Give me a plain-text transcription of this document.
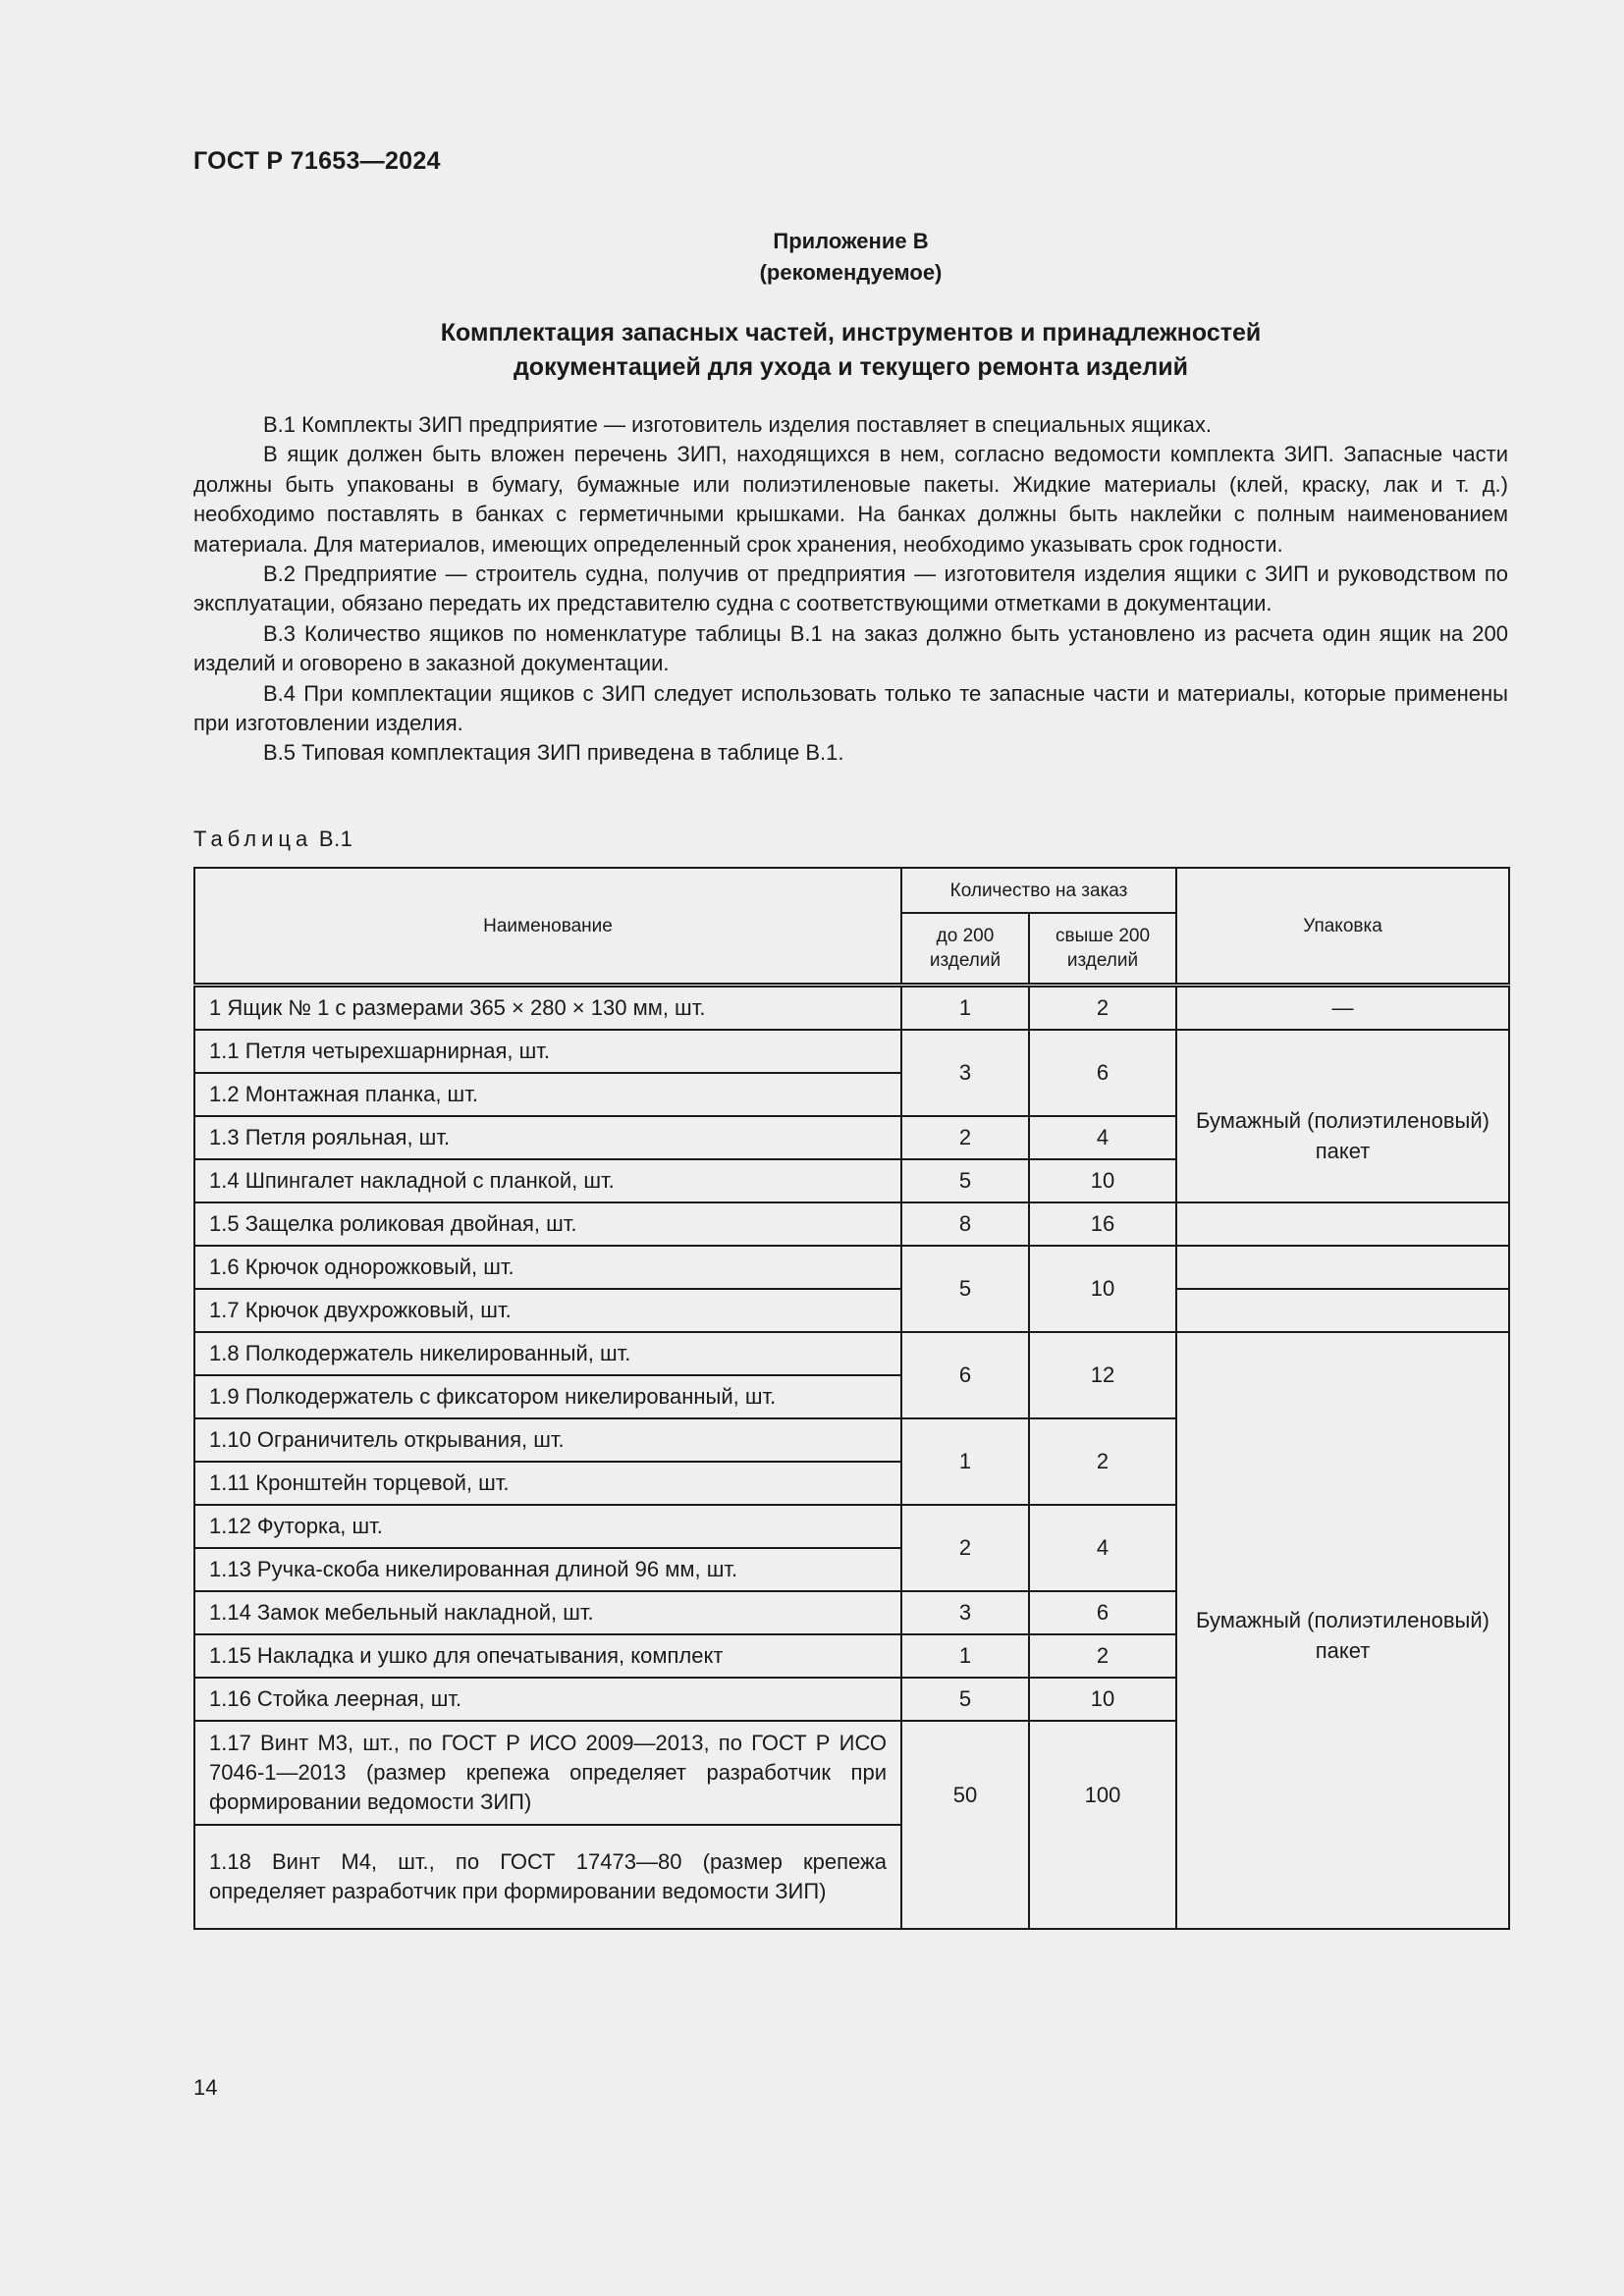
ГОСТ Р 71653—2024
Приложение В
(рекомендуемое)
Комплектация запасных частей, инструментов и принадлежностей
документацией для ухода и текущего ремонта изделий

В.1 Комплекты ЗИП предприятие — изготовитель изделия поставляет в специальных ящиках.

В ящик должен быть вложен перечень ЗИП, находящихся в нем, согласно ведомости комплекта ЗИП. Запасные части должны быть упакованы в бумагу, бумажные или полиэтиленовые пакеты. Жидкие материалы (клей, краску, лак и т. д.) необходимо поставлять в банках с герметичными крышками. На банках должны быть наклейки с полным наименованием материала. Для материалов, имеющих определенный срок хранения, необходимо указывать срок годности.

В.2 Предприятие — строитель судна, получив от предприятия — изготовителя изделия ящики с ЗИП и руководством по эксплуатации, обязано передать их представителю судна с соответствующими отметками в документации.

В.3 Количество ящиков по номенклатуре таблицы В.1 на заказ должно быть установлено из расчета один ящик на 200 изделий и оговорено в заказной документации.

В.4 При комплектации ящиков с ЗИП следует использовать только те запасные части и материалы, которые применены при изготовлении изделия.

В.5 Типовая комплектация ЗИП приведена в таблице В.1.

Таблица В.1
Наименование	Количество на заказ		Упаковка
	до 200 изделий	свыше 200 изделий	
1 Ящик № 1 с размерами 365 × 280 × 130 мм, шт.	1	2	—
1.1 Петля четырехшарнирная, шт.	3	6	Бумажный (полиэтиленовый) пакет
1.2 Монтажная планка, шт.			
1.3 Петля рояльная, шт.	2	4	
1.4 Шпингалет накладной с планкой, шт.	5	10	
1.5 Защелка роликовая двойная, шт.	8	16	
1.6 Крючок однорожковый, шт.	5	10	
1.7 Крючок двухрожковый, шт.			
1.8 Полкодержатель никелированный, шт.	6	12	Бумажный (полиэтиленовый) пакет
1.9 Полкодержатель с фиксатором никелированный, шт.			
1.10 Ограничитель открывания, шт.	1	2	
1.11 Кронштейн торцевой, шт.			
1.12 Футорка, шт.	2	4	
1.13 Ручка-скоба никелированная длиной 96 мм, шт.			
1.14 Замок мебельный накладной, шт.	3	6	
1.15 Накладка и ушко для опечатывания, комплект	1	2	
1.16 Стойка леерная, шт.	5	10	
1.17 Винт М3, шт., по ГОСТ Р ИСО 2009—2013, по ГОСТ Р ИСО 7046-1—2013 (размер крепежа определяет разработчик при формировании ведомости ЗИП)	50	100	
1.18 Винт М4, шт., по ГОСТ 17473—80 (размер крепежа определяет разработчик при формировании ведомости ЗИП)			
14
